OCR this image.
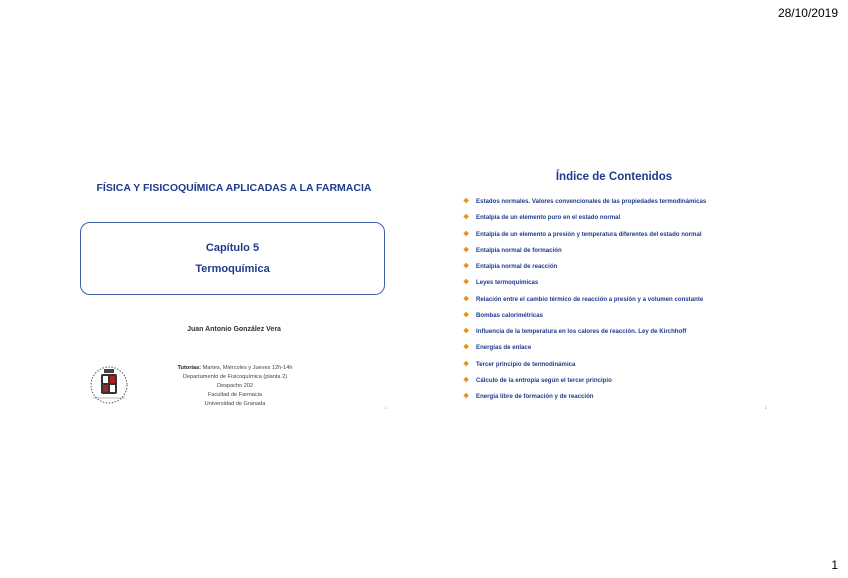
28/10/2019
FÍSICA Y FISICOQUÍMICA APLICADAS A LA FARMACIA
Capítulo 5
Termoquímica
Juan Antonio González Vera
Tutorías: Martes, Miércoles y Jueves 12h-14h
Departamento de Fisicoquímica (planta 2)
Despacho 202
Facultad de Farmacia
Universidad de Granada
1
Índice de Contenidos
❖ Estados normales. Valores convencionales de las propiedades termodinámicas
❖ Entalpía de un elemento puro en el estado normal
❖ Entalpía de un elemento a presión y temperatura diferentes del estado normal
❖ Entalpía normal de formación
❖ Entalpía normal de reacción
❖ Leyes termoquímicas
❖ Relación entre el cambio térmico de reacción a presión y a volumen constante
❖ Bombas calorimétricas
❖ Influencia de la temperatura en los calores de reacción. Ley de Kirchhoff
❖ Energías de enlace
❖ Tercer principio de termodinámica
❖ Cálculo de la entropía según el tercer principio
❖ Energía libre de formación y de reacción
2
1
